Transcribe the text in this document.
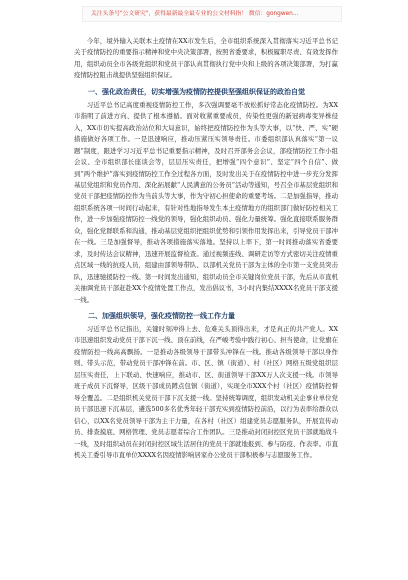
关注头条号"公文研究"，获得最新最全最专业的公文材料指！ 微信：gongwen...

今年，境外输入关联本土疫情在XX市发生后，全市组织系统深入贯彻落实习近平总书记关于疫情防控的重要指示精神和党中央决策部署，按照省委要求，积极履职尽责、有效发挥作用，组织动员全市各级党组织和党员干部认真贯彻执行党中央和上级的各项决策部署，为打赢疫情防控阻击战提供坚强组织保证。

一、强化政治责任，切实增强为疫情防控提供坚强组织保证的政治自觉

习近平总书记高度重视疫情防控工作，多次强调要毫不放松抓好常态化疫情防控。为XX市指明了前进方向、提供了根本遵循。面对收紧重要成员，传染性更强的新冠病毒变异株侵入，XX市切实提高政治站位和大局意识，始终把疫情防控作为头等大事，以“快、严、实”硬措施做好各项工作。一是迅速响应，推动压紧压实领导责任。市委组织部认真落实“第一议题”制度，跟进学习习近平总书记重要指示精神，及时召开部务会会议，部疫情防控工作小组会议、全市组织部长座谈会等，层层压实责任，把增强“四个意识”、坚定“四个自信”、做到“两个维护”落实到疫情防控工作全过程各方面，及时发出关于在疫情防控中进一步充分发挥基层党组织和党员作用、深化拓展献“人民满意的公务员”活动等通知，号召全市基层党组织和党员干部把疫情防控作为当前头等大事，作为守初心担使命的重要考场。二是加强指导，推动组织系统各项一时间行动起来，有针对性地指导发生本土疫情地方的组织部门做好防控相关工作，进一步加强疫情防控一线党的领导，强化组织动员、强化力量统筹。强化直接联系服务群众，强化党群联系和沟通，推动基层党组织把组织优势和引领作用发挥出来，引导党员干部冲在一线。三是加强督导，推动各项措施落实落地。坚持以上率下，第一时间推动落实省委要求，及时传达会议精神，迅速开展监督检查。通过视频连线、调研走访等方式密切关注疫情重点区域一线的抗疫人员，组建由部领导带队、以部机关党员干部为主体的全市第一支党员突击队，迅速驰援防控一线。第一时间发出通知，组织动员全市关键岗位党员干部，先后从市直机关抽调党员干部赶赴XX个疫情处置工作点，发出倡议书，3小时内集结XXXX名党员干部支援一线。

二、加强组织领导，强化疫情防控一线工作力量

习近平总书记指出，关键时刻冲得上去、危难关头顶得出来，才是真正的共产党人。XX市迅速组织发动党员干部下沉一线、顶在前线，在严峻考验中践行初心、担当使命，让党旗在疫情防控一线高高飘扬。一是推动各级领导干部带头冲锋在一线。推动各级领导干部以身作则、带头示范，带动党员干部冲锋在前。市、区、镇（街道）、村（社区）网格五级党组织层层压实责任，上下联动、快速响应，推动市、区、街道领导干部XX万人次支援一线。市领导班子成员下沉督导，区级干部成员蹲点包镇（街道），实现全市XXX个村（社区）疫情防控督导全覆盖。二是组织机关党员干部下沉支援一线。坚持统筹调度，组织发动机关企事业单位党员干部迅速下沉基层，遴选500多名优秀年轻干部充实到疫情防控前沿，以行为表率给群众以信心，以XX名党员领导干部为主干力量，在各村（社区）组建党员志愿服务队，开展宣传动员、排查摸底、网格管理、党员志愿者综合工作团队。三是推动封闭封控区党员干部就地战斗一线，及时组织动员在封闭封控区域生活居住的党员干部就地报到、参与防疫、作表率。市直机关工委引导市直单位XXXX名因疫情影响居家办公党员干部积极参与志愿服务工作。
